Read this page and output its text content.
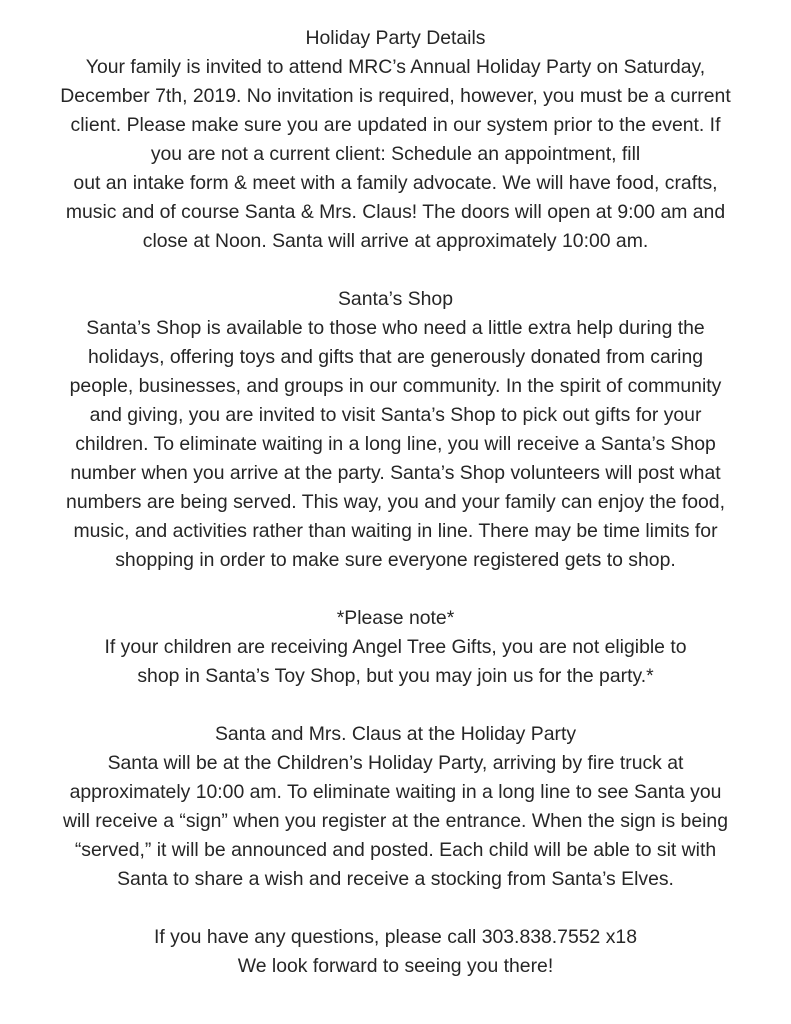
Holiday Party Details

Your family is invited to attend MRC’s Annual Holiday Party on Saturday,

December 7th, 2019. No invitation is required, however, you must be a current

client. Please make sure you are updated in our system prior to the event. If

you are not a current client: Schedule an appointment, fill

out an intake form & meet with a family advocate. We will have food, crafts,

music and of course Santa & Mrs. Claus! The doors will open at 9:00 am and

close at Noon. Santa will arrive at approximately 10:00 am.

Santa’s Shop

Santa’s Shop is available to those who need a little extra help during the

holidays, offering toys and gifts that are generously donated from caring

people, businesses, and groups in our community. In the spirit of community

and giving, you are invited to visit Santa’s Shop to pick out gifts for your

children. To eliminate waiting in a long line, you will receive a Santa’s Shop

number when you arrive at the party. Santa’s Shop volunteers will post what

numbers are being served. This way, you and your family can enjoy the food,

music, and activities rather than waiting in line. There may be time limits for

shopping in order to make sure everyone registered gets to shop.

*Please note*

If your children are receiving Angel Tree Gifts, you are not eligible to

shop in Santa’s Toy Shop, but you may join us for the party.*

Santa and Mrs. Claus at the Holiday Party

Santa will be at the Children’s Holiday Party, arriving by fire truck at

approximately 10:00 am. To eliminate waiting in a long line to see Santa you

will receive a “sign” when you register at the entrance. When the sign is being

“served,” it will be announced and posted. Each child will be able to sit with

Santa to share a wish and receive a stocking from Santa’s Elves.

If you have any questions, please call 303.838.7552 x18

We look forward to seeing you there!
